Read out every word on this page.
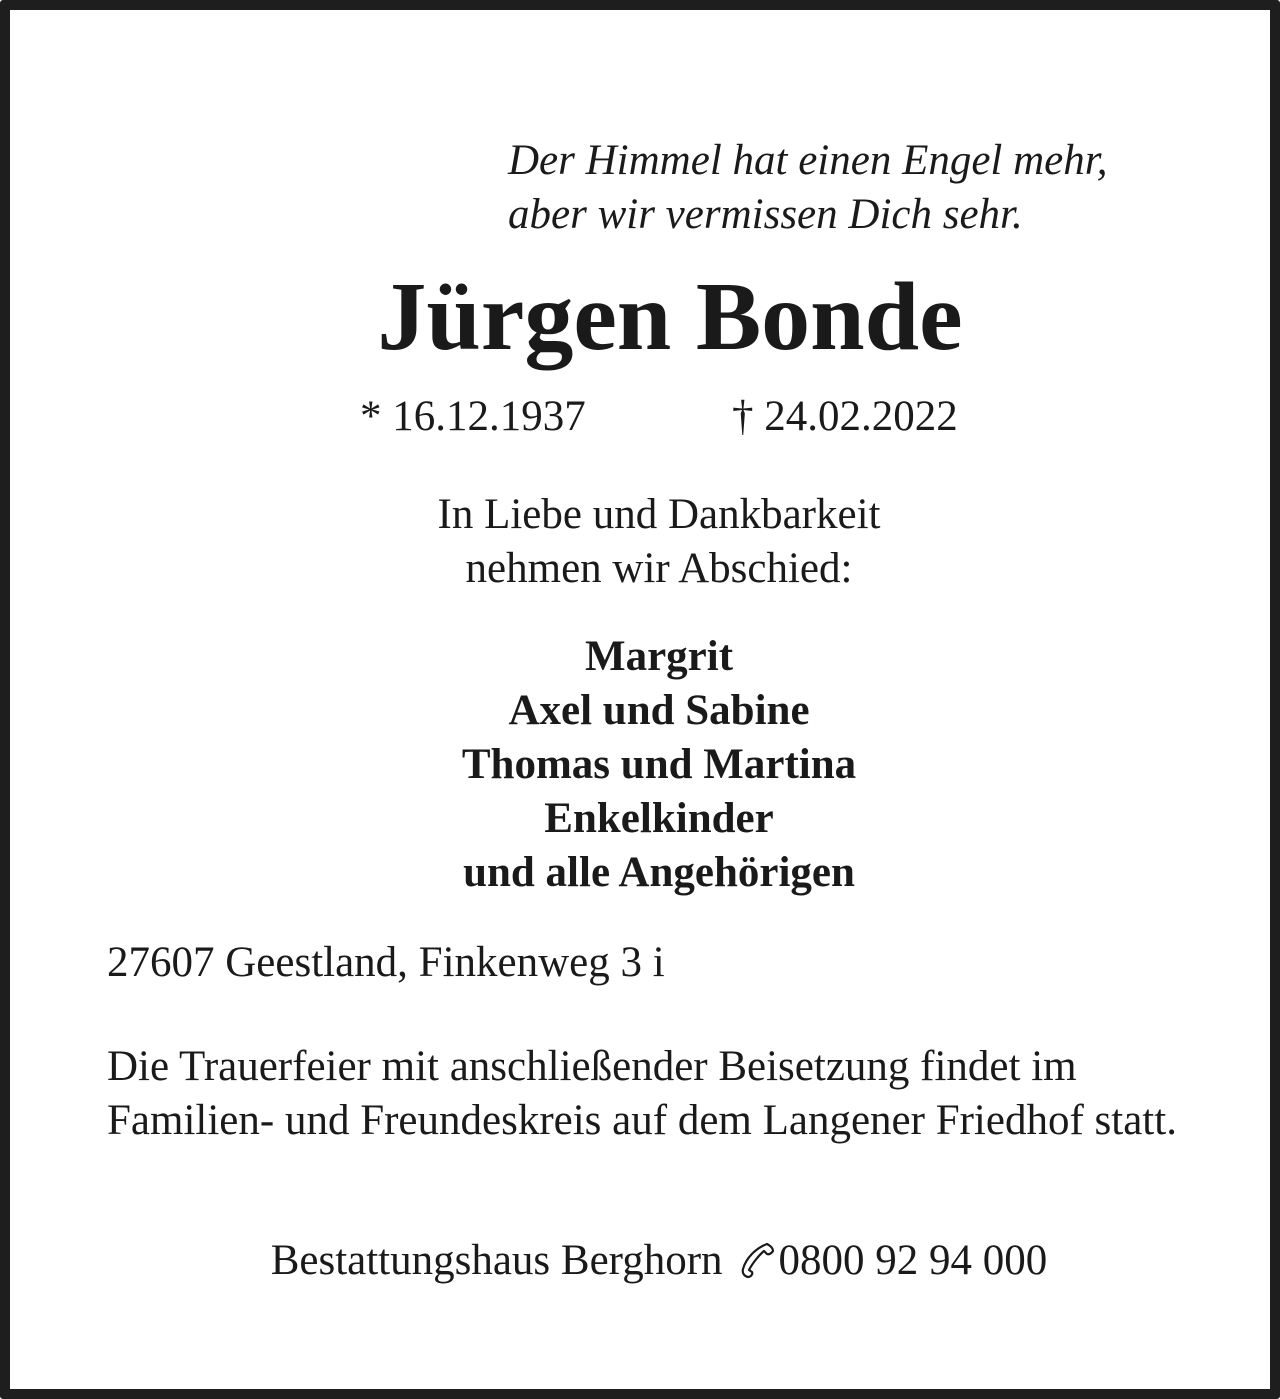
Der Himmel hat einen Engel mehr,
aber wir vermissen Dich sehr.
Jürgen Bonde
* 16.12.1937	† 24.02.2022
In Liebe und Dankbarkeit
nehmen wir Abschied:
Margrit
Axel und Sabine
Thomas und Martina
Enkelkinder
und alle Angehörigen
27607 Geestland, Finkenweg 3 i
Die Trauerfeier mit anschließender Beisetzung findet im Familien- und Freundeskreis auf dem Langener Friedhof statt.
Bestattungshaus Berghorn 0800 92 94 000
